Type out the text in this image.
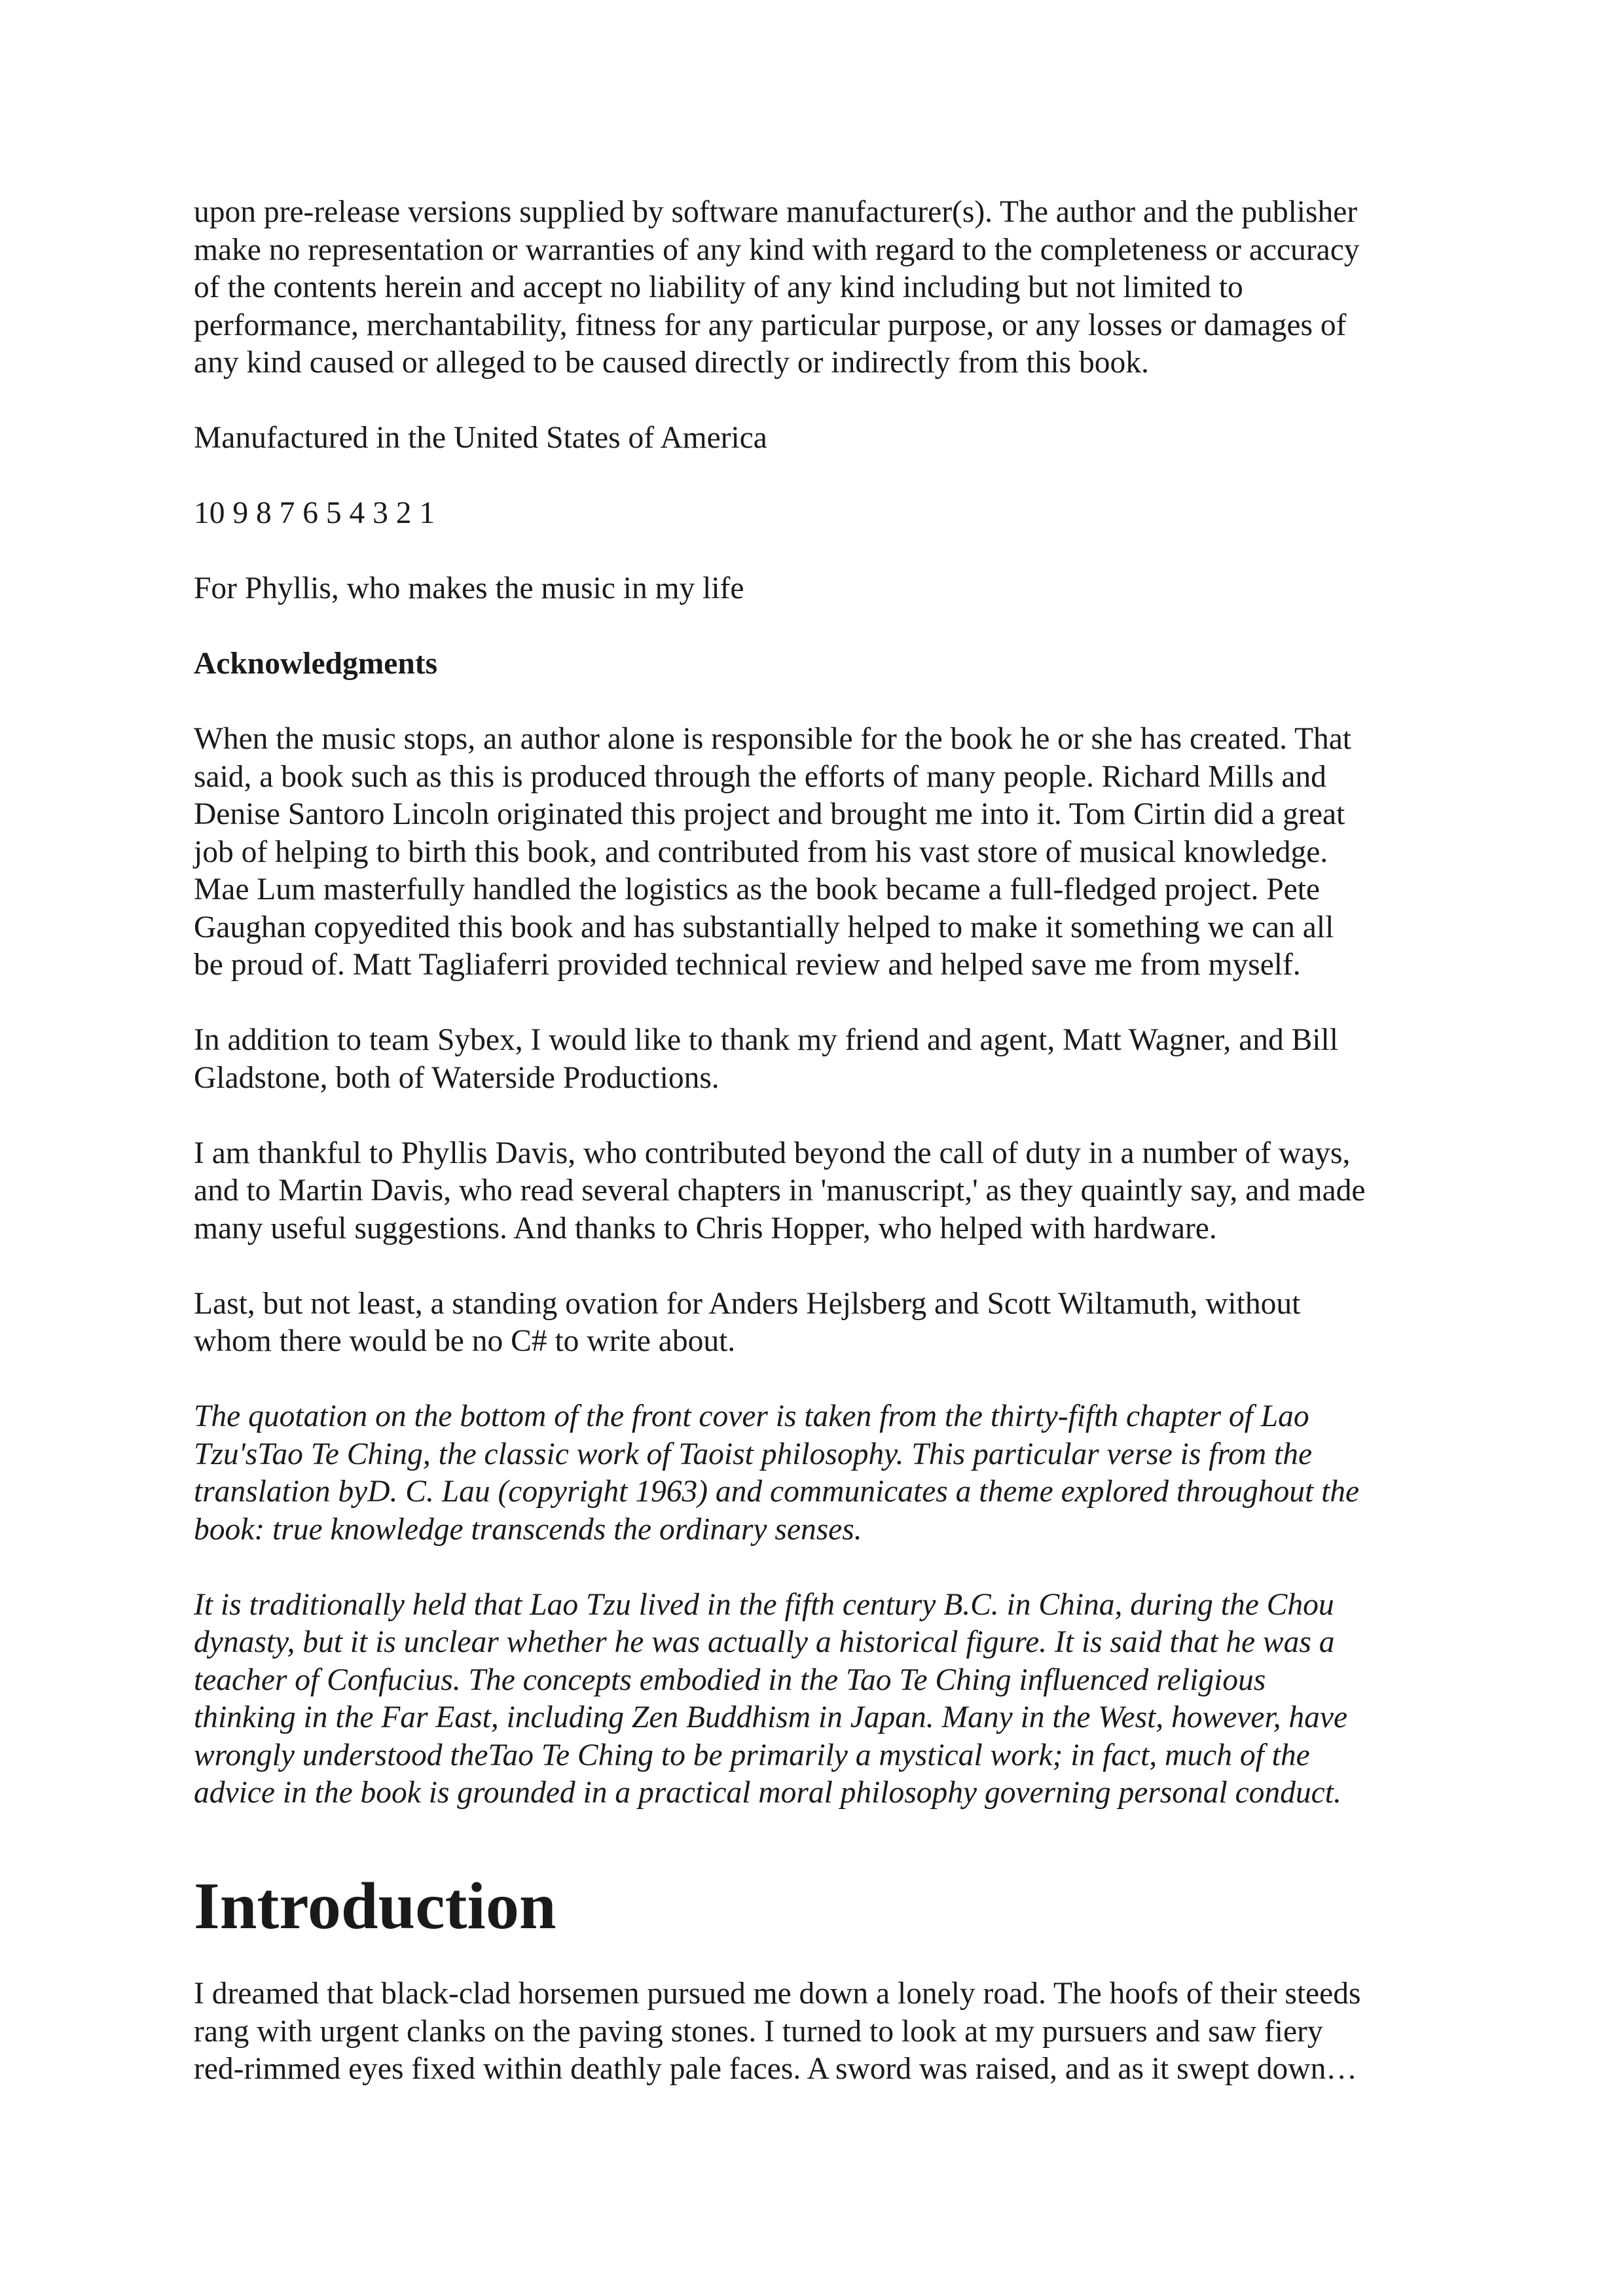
upon pre-release versions supplied by software manufacturer(s). The author and the publisher
make no representation or warranties of any kind with regard to the completeness or accuracy
of the contents herein and accept no liability of any kind including but not limited to
performance, merchantability, fitness for any particular purpose, or any losses or damages of
any kind caused or alleged to be caused directly or indirectly from this book.

Manufactured in the United States of America

10 9 8 7 6 5 4 3 2 1

For Phyllis, who makes the music in my life

Acknowledgments

When the music stops, an author alone is responsible for the book he or she has created. That
said, a book such as this is produced through the efforts of many people. Richard Mills and
Denise Santoro Lincoln originated this project and brought me into it. Tom Cirtin did a great
job of helping to birth this book, and contributed from his vast store of musical knowledge.
Mae Lum masterfully handled the logistics as the book became a full-fledged project. Pete
Gaughan copyedited this book and has substantially helped to make it something we can all
be proud of. Matt Tagliaferri provided technical review and helped save me from myself.

In addition to team Sybex, I would like to thank my friend and agent, Matt Wagner, and Bill
Gladstone, both of Waterside Productions.

I am thankful to Phyllis Davis, who contributed beyond the call of duty in a number of ways,
and to Martin Davis, who read several chapters in 'manuscript,' as they quaintly say, and made
many useful suggestions. And thanks to Chris Hopper, who helped with hardware.

Last, but not least, a standing ovation for Anders Hejlsberg and Scott Wiltamuth, without
whom there would be no C# to write about.

The quotation on the bottom of the front cover is taken from the thirty-fifth chapter of Lao
Tzu'sTao Te Ching, the classic work of Taoist philosophy. This particular verse is from the
translation byD. C. Lau (copyright 1963) and communicates a theme explored throughout the
book: true knowledge transcends the ordinary senses.

It is traditionally held that Lao Tzu lived in the fifth century B.C. in China, during the Chou
dynasty, but it is unclear whether he was actually a historical figure. It is said that he was a
teacher of Confucius. The concepts embodied in the Tao Te Ching influenced religious
thinking in the Far East, including Zen Buddhism in Japan. Many in the West, however, have
wrongly understood theTao Te Ching to be primarily a mystical work; in fact, much of the
advice in the book is grounded in a practical moral philosophy governing personal conduct.

Introduction

I dreamed that black-clad horsemen pursued me down a lonely road. The hoofs of their steeds
rang with urgent clanks on the paving stones. I turned to look at my pursuers and saw fiery
red-rimmed eyes fixed within deathly pale faces. A sword was raised, and as it swept down…
